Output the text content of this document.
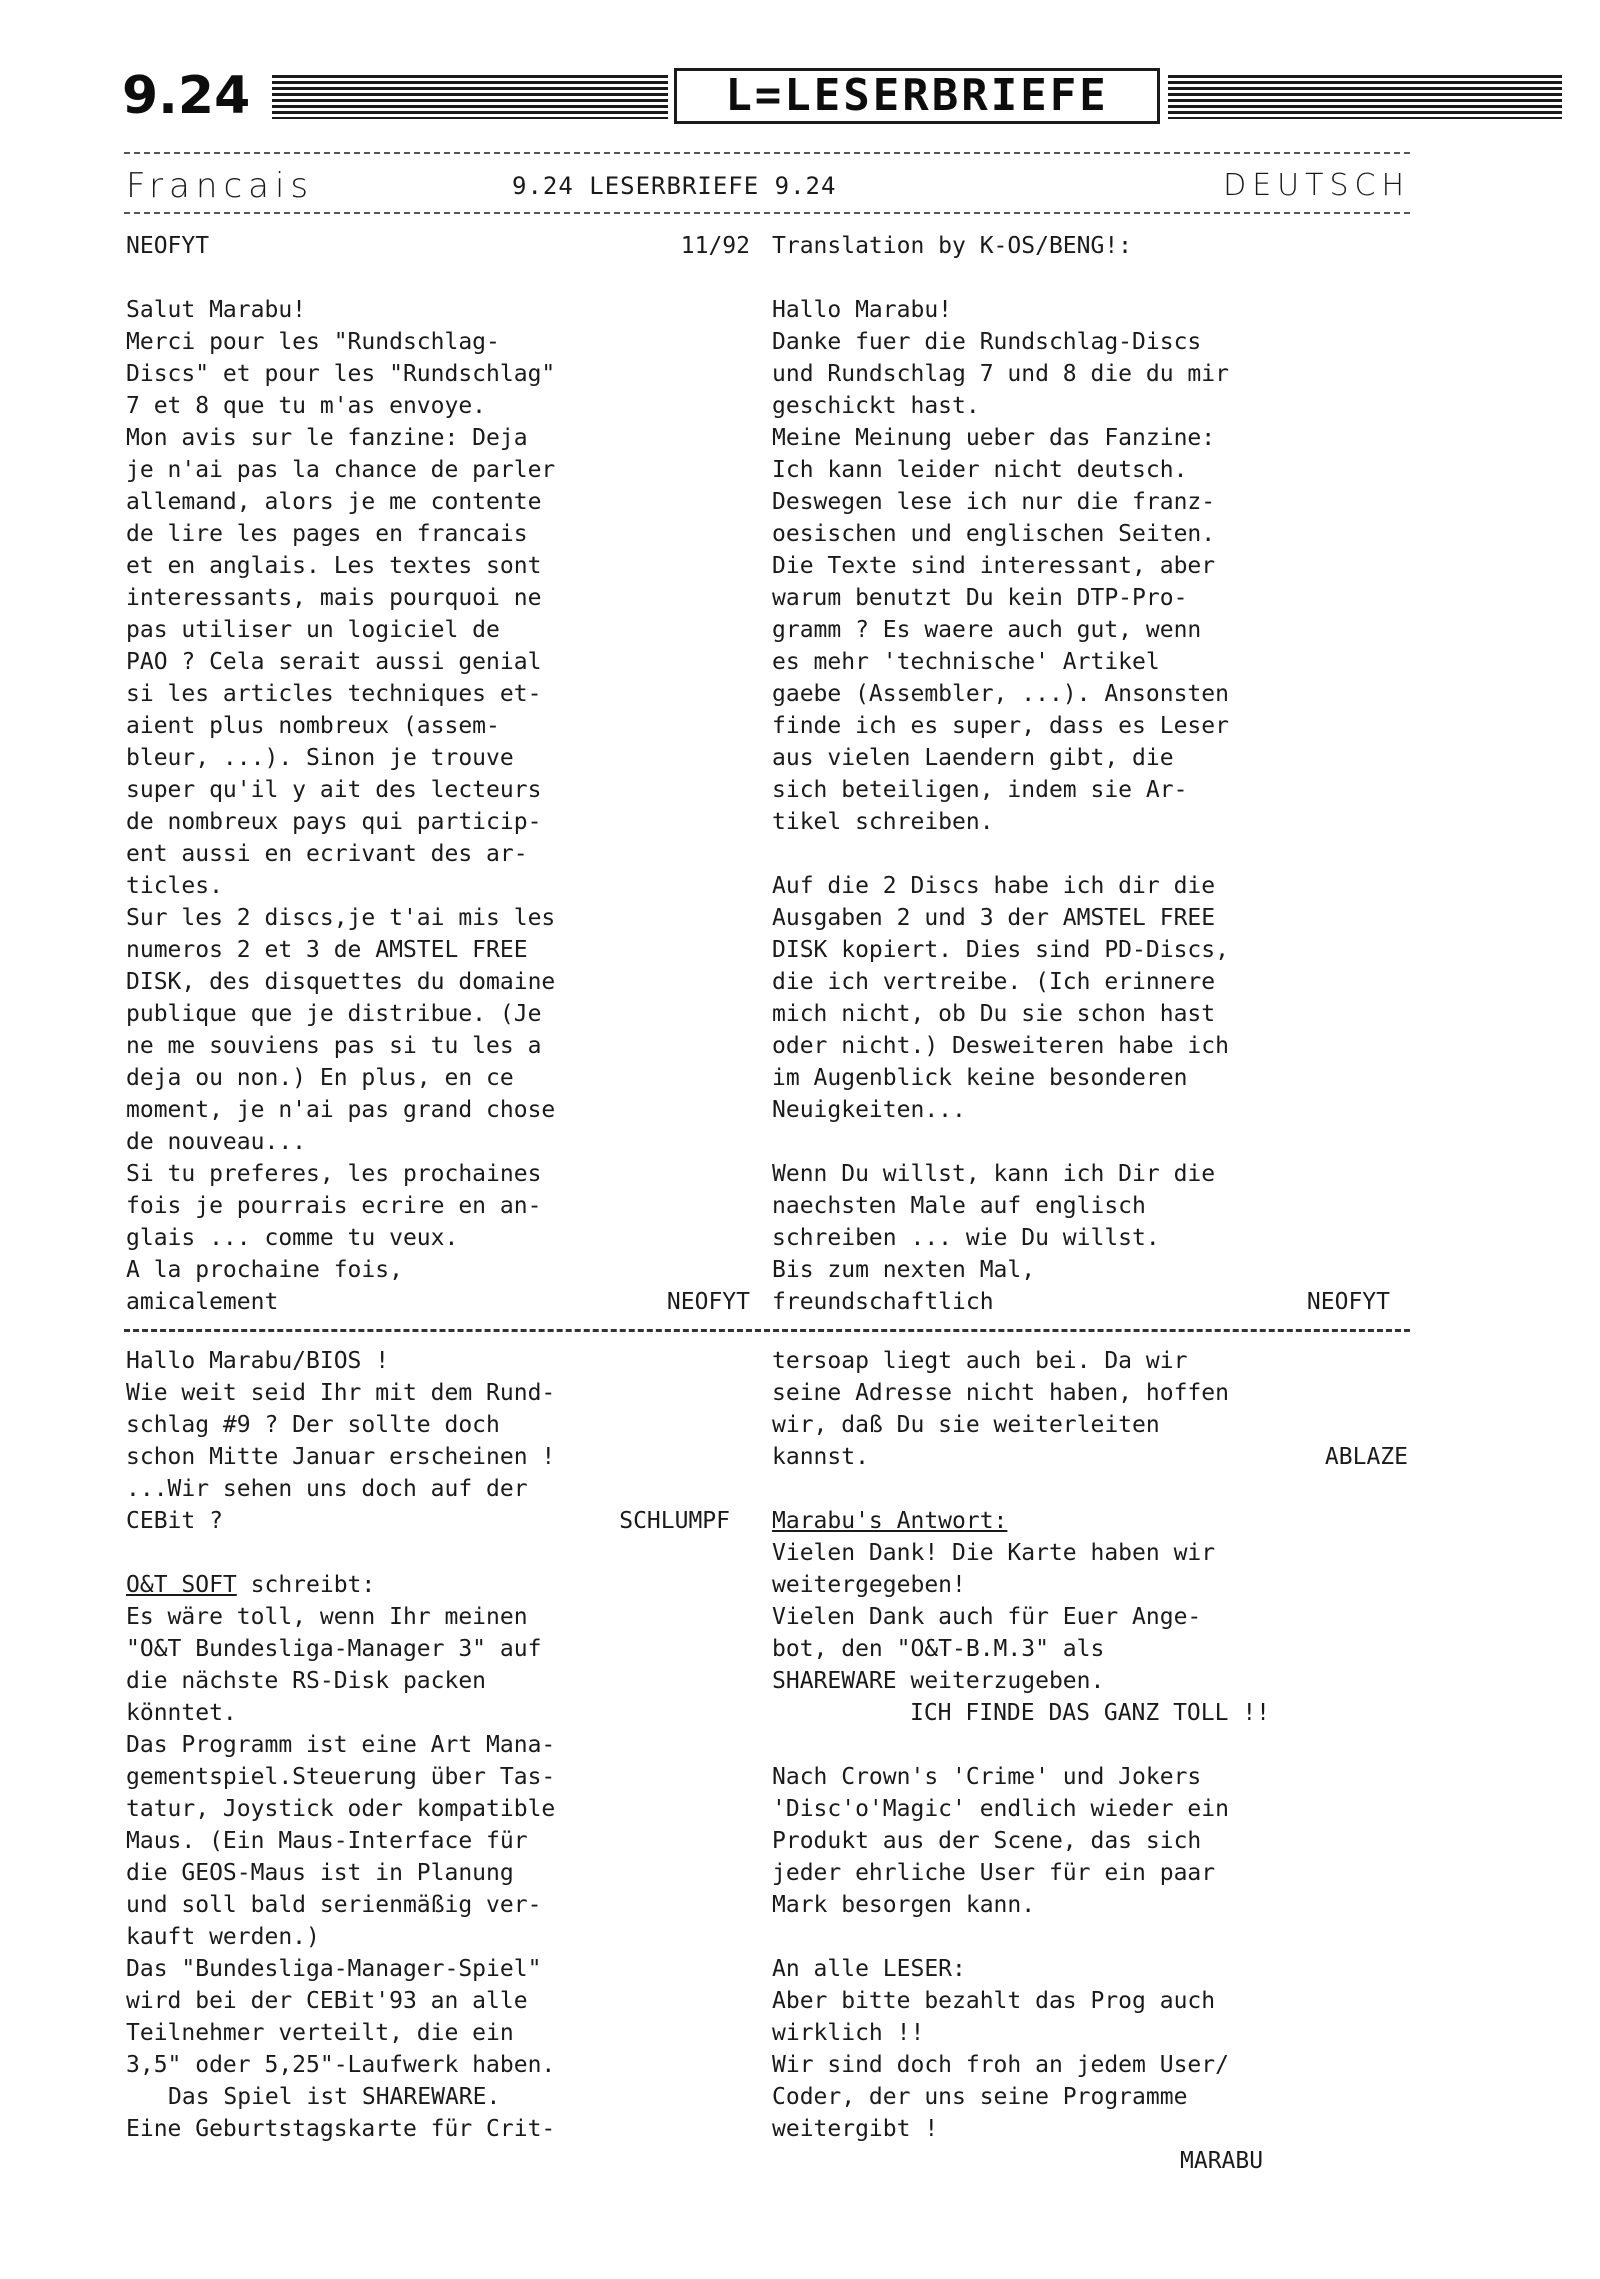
9.24	L=LESERBRIEFE
Francais	9.24 LESERBRIEFE 9.24	DEUTSCH
NEOFYT	11/92
Salut Marabu!
Merci pour les "Rundschlag-
Discs" et pour les "Rundschlag"
7 et 8 que tu m'as envoye.
Mon avis sur le fanzine: Deja
je n'ai pas la chance de parler
allemand, alors je me contente
de lire les pages en francais
et en anglais. Les textes sont
interessants, mais pourquoi ne
pas utiliser un logiciel de
PAO ? Cela serait aussi genial
si les articles techniques et-
aient plus nombreux (assem-
bleur, ...). Sinon je trouve
super qu'il y ait des lecteurs
de nombreux pays qui particip-
ent aussi en ecrivant des ar-
ticles.
Sur les 2 discs,je t'ai mis les
numeros 2 et 3 de AMSTEL FREE
DISK, des disquettes du domaine
publique que je distribue. (Je
ne me souviens pas si tu les a
deja ou non.) En plus, en ce
moment, je n'ai pas grand chose
de nouveau...
Si tu preferes, les prochaines
fois je pourrais ecrire en an-
glais ... comme tu veux.
A la prochaine fois,
amicalement	NEOFYT
Translation by K-OS/BENG!:
Hallo Marabu!
Danke fuer die Rundschlag-Discs
und Rundschlag 7 und 8 die du mir
geschickt hast.
Meine Meinung ueber das Fanzine:
Ich kann leider nicht deutsch.
Deswegen lese ich nur die franz-
oesischen und englischen Seiten.
Die Texte sind interessant, aber
warum benutzt Du kein DTP-Pro-
gramm ? Es waere auch gut, wenn
es mehr 'technische' Artikel
gaebe (Assembler, ...). Ansonsten
finde ich es super, dass es Leser
aus vielen Laendern gibt, die
sich beteiligen, indem sie Ar-
tikel schreiben.
Auf die 2 Discs habe ich dir die
Ausgaben 2 und 3 der AMSTEL FREE
DISK kopiert. Dies sind PD-Discs,
die ich vertreibe. (Ich erinnere
mich nicht, ob Du sie schon hast
oder nicht.) Desweiteren habe ich
im Augenblick keine besonderen
Neuigkeiten...
Wenn Du willst, kann ich Dir die
naechsten Male auf englisch
schreiben ... wie Du willst.
Bis zum nexten Mal,
freundschaftlich	NEOFYT
Hallo Marabu/BIOS !
Wie weit seid Ihr mit dem Rund-
schlag #9 ? Der sollte doch
schon Mitte Januar erscheinen !
...Wir sehen uns doch auf der
CEBit ?	SCHLUMPF
O&T SOFT schreibt:
Es wäre toll, wenn Ihr meinen
"O&T Bundesliga-Manager 3" auf
die nächste RS-Disk packen
könntet.
Das Programm ist eine Art Mana-
gementspiel.Steuerung über Tas-
tatur, Joystick oder kompatible
Maus. (Ein Maus-Interface für
die GEOS-Maus ist in Planung
und soll bald serienmäßig ver-
kauft werden.)
Das "Bundesliga-Manager-Spiel"
wird bei der CEBit'93 an alle
Teilnehmer verteilt, die ein
3,5" oder 5,25"-Laufwerk haben.
Das Spiel ist SHAREWARE.
Eine Geburtstagskarte für Crit-
tersoap liegt auch bei. Da wir
seine Adresse nicht haben, hoffen
wir, daß Du sie weiterleiten
kannst.	ABLAZE
Marabu's Antwort:
Vielen Dank! Die Karte haben wir
weitergegeben!
Vielen Dank auch für Euer Ange-
bot, den "O&T-B.M.3" als
SHAREWARE weiterzugeben.
ICH FINDE DAS GANZ TOLL !!
Nach Crown's 'Crime' und Jokers
'Disc'o'Magic' endlich wieder ein
Produkt aus der Scene, das sich
jeder ehrliche User für ein paar
Mark besorgen kann.
An alle LESER:
Aber bitte bezahlt das Prog auch
wirklich !!
Wir sind doch froh an jedem User/
Coder, der uns seine Programme
weitergibt !
MARABU
